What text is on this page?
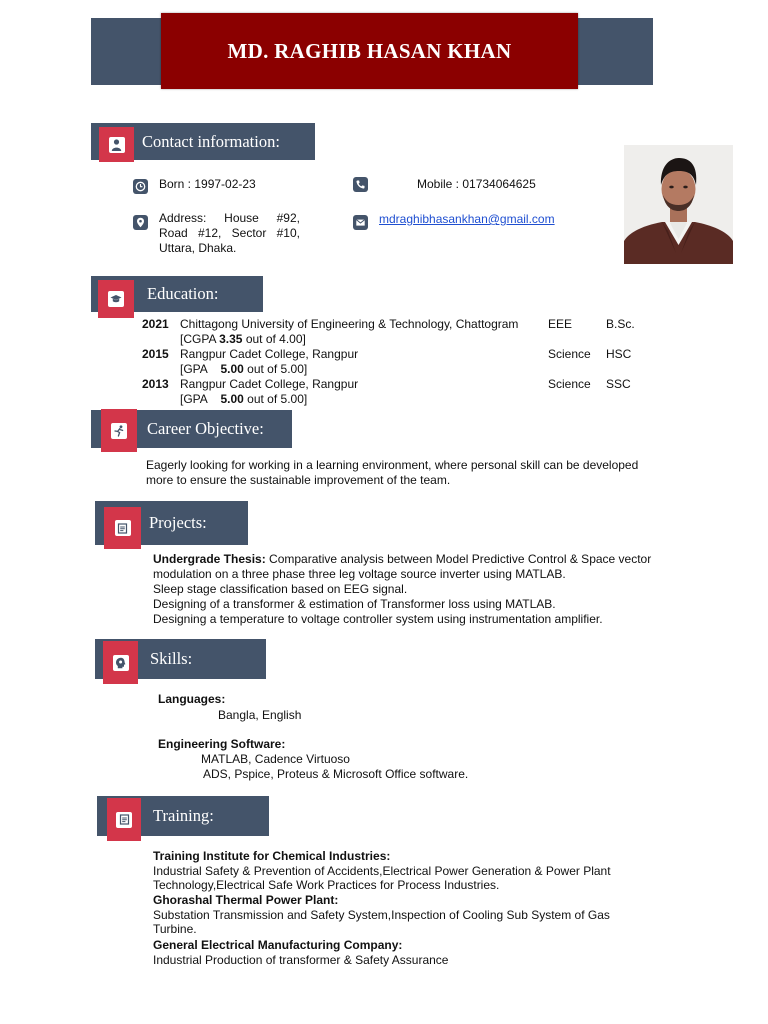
MD. RAGHIB HASAN KHAN
Contact information:
Born : 1997-02-23	Mobile : 01734064625
Address: House #92, Road #12, Sector #10, Uttara, Dhaka.
mdraghibhasankhan@gmail.com
Education:
2021 Chittagong University of Engineering & Technology, Chattogram EEE	B.Sc.
[CGPA 3.35 out of 4.00]
2015 Rangpur Cadet College, Rangpur	Science HSC
[GPA    5.00 out of 5.00]
2013 Rangpur Cadet College, Rangpur	Science SSC
[GPA    5.00 out of 5.00]
Career Objective:
Eagerly looking for working in a learning environment, where personal skill can be developed
more to ensure the sustainable improvement of the team.
Projects:
Undergrade Thesis: Comparative analysis between Model Predictive Control & Space vector
modulation on a three phase three leg voltage source inverter using MATLAB.
Sleep stage classification based on EEG signal.
Designing of a transformer & estimation of Transformer loss using MATLAB.
Designing a temperature to voltage controller system using instrumentation amplifier.
Skills:
Languages:
Bangla, English
Engineering Software:
MATLAB, Cadence Virtuoso
ADS, Pspice, Proteus & Microsoft Office software.
Training:
Training Institute for Chemical Industries:
Industrial Safety & Prevention of Accidents,Electrical Power Generation & Power Plant
Technology,Electrical Safe Work Practices for Process Industries.
Ghorashal Thermal Power Plant:
Substation Transmission and Safety System,Inspection of Cooling Sub System of Gas
Turbine.
General Electrical Manufacturing Company:
Industrial Production of transformer & Safety Assurance
